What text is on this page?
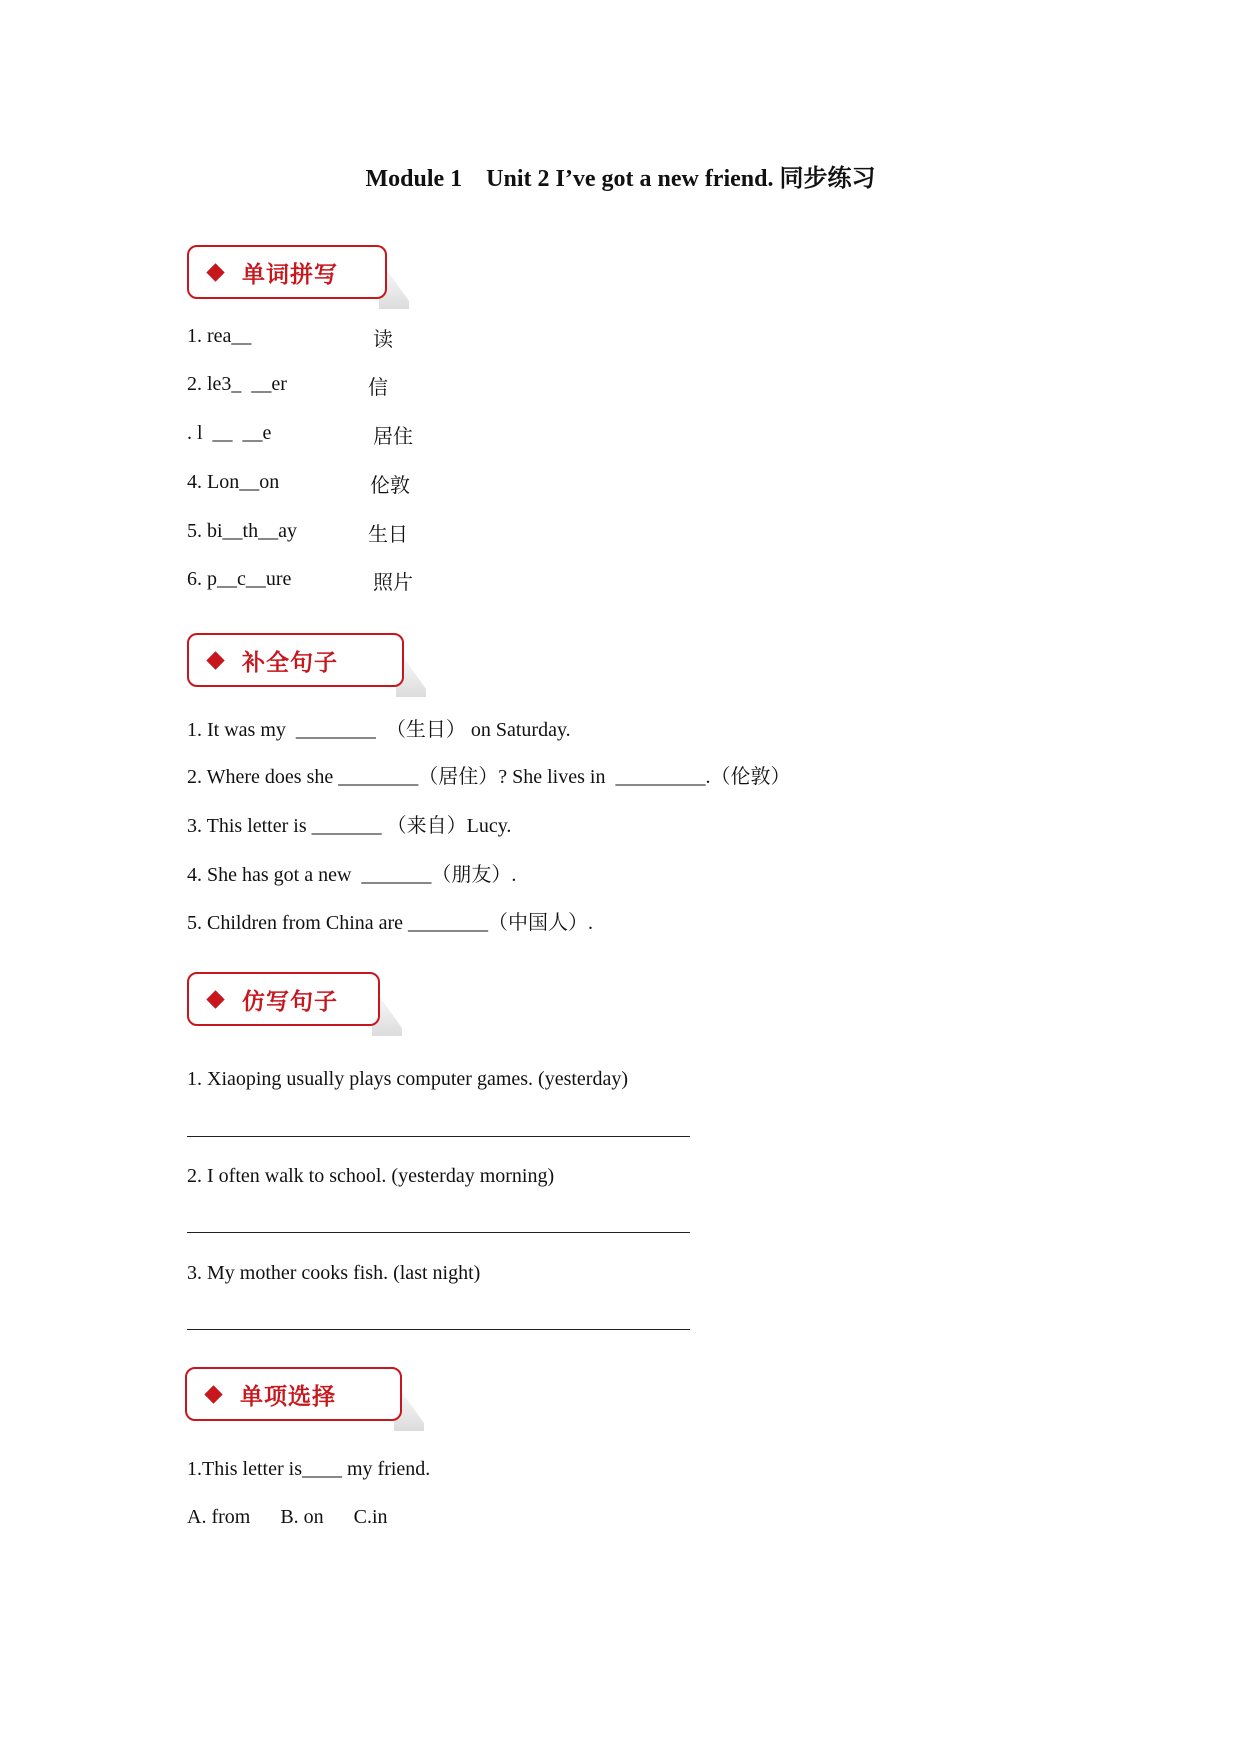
Module 1    Unit 2 I’ve got a new friend. 同步练习
单词拼写
1. rea__	读
2. le3_  __er	信
. l  __  __e	居住
4. Lon__on	伦敦
5. bi__th__ay	生日
6. p__c__ure	照片
补全句子
1. It was my  ________  （生日） on Saturday.
2. Where does she ________（居住）? She lives in  _________.（伦敦）
3. This letter is _______ （来自）Lucy.
4. She has got a new  _______（朋友）.
5. Children from China are ________（中国人）.
仿写句子
1. Xiaoping usually plays computer games. (yesterday)
2. I often walk to school. (yesterday morning)
3. My mother cooks fish. (last night)
单项选择
1.This letter is____ my friend.
A. from      B. on      C.in
